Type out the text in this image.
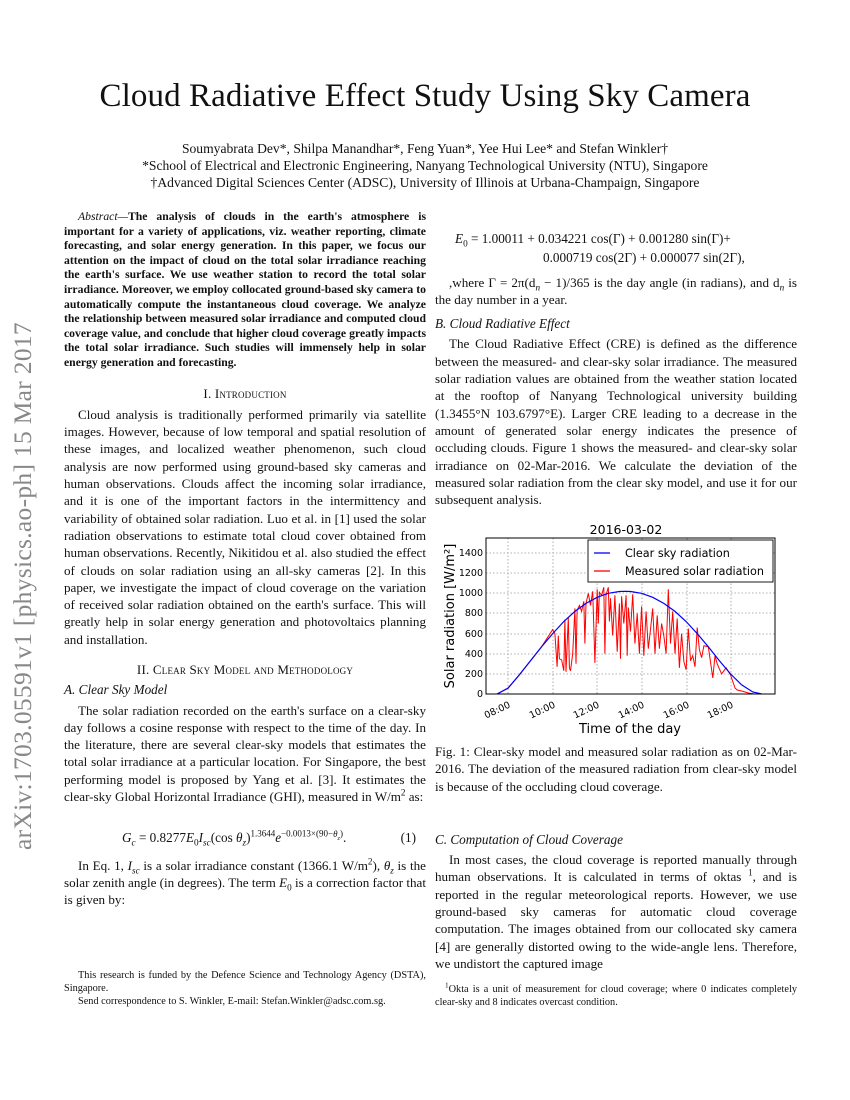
Cloud Radiative Effect Study Using Sky Camera
Soumyabrata Dev*, Shilpa Manandhar*, Feng Yuan*, Yee Hui Lee* and Stefan Winkler†
*School of Electrical and Electronic Engineering, Nanyang Technological University (NTU), Singapore
†Advanced Digital Sciences Center (ADSC), University of Illinois at Urbana-Champaign, Singapore
arXiv:1703.05591v1 [physics.ao-ph] 15 Mar 2017

Abstract—The analysis of clouds in the earth's atmosphere is important for a variety of applications, viz. weather reporting, climate forecasting, and solar energy generation. In this paper, we focus our attention on the impact of cloud on the total solar irradiance reaching the earth's surface. We use weather station to record the total solar irradiance. Moreover, we employ collocated ground-based sky camera to automatically compute the instantaneous cloud coverage. We analyze the relationship between measured solar irradiance and computed cloud coverage value, and conclude that higher cloud coverage greatly impacts the total solar irradiance. Such studies will immensely help in solar energy generation and forecasting.

I. Introduction

Cloud analysis is traditionally performed primarily via satellite images. However, because of low temporal and spatial resolution of these images, and localized weather phenomenon, such cloud analysis are now performed using ground-based sky cameras and human observations. Clouds affect the incoming solar irradiance, and it is one of the important factors in the intermittency and variability of obtained solar radiation. Luo et al. in [1] used the solar radiation observations to estimate total cloud cover obtained from human observations. Recently, Nikitidou et al. also studied the effect of clouds on solar radiation using an all-sky cameras [2]. In this paper, we investigate the impact of cloud coverage on the variation of received solar radiation obtained on the earth's surface. This will greatly help in solar energy generation and photovoltaics planning and installation.

II. Clear Sky Model and Methodology
A. Clear Sky Model

The solar radiation recorded on the earth's surface on a clear-sky day follows a cosine response with respect to the time of the day. In the literature, there are several clear-sky models that estimates the total solar irradiance at a particular location. For Singapore, the best performing model is proposed by Yang et al. [3]. It estimates the clear-sky Global Horizontal Irradiance (GHI), measured in $W/m^2$ as:

$G_c = 0.8277E_0I_{sc}(\cos$ $\theta_z)^{1.3644}e^{-0.0013\times(90-\theta_z)}$.	(1)

In Eq. 1, $I_{sc}$ is a solar irradiance constant (1366.1 $W/m^2$), $\theta_z$ is the solar zenith angle (in degrees). The term $E_0$ is a correction factor that is given by:

This research is funded by the Defence Science and Technology Agency (DSTA), Singapore.

Send correspondence to S. Winkler, E-mail: Stefan.Winkler@adsc.com.sg.

$E_0 = 1.00011 + 0.034221$ cos(Γ) + 0.001280 sin(Γ)+
0.000719 cos(2Γ) + 0.000077 sin(2Γ),

,where $\Gamma = 2\pi(d_n - 1)/365$ is the day angle (in radians), and $d_n$ is the day number in a year.

B. Cloud Radiative Effect

The Cloud Radiative Effect (CRE) is defined as the difference between the measured- and clear-sky solar irradiance. The measured solar radiation values are obtained from the weather station located at the rooftop of Nanyang Technological university building (1.3455°N 103.6797°E). Larger CRE leading to a decrease in the amount of generated solar energy indicates the presence of occluding clouds. Figure 1 shows the measured- and clear-sky solar irradiance on 02-Mar-2016. We calculate the deviation of the measured solar radiation from the clear sky model, and use it for our subsequent analysis.

2016-03-02
0
200
400
600
800
1000
1200
1400
08:00 10:00 12:00 14:00 16:00 18:00
Time of the day
Solar radiation [W/m²]	Clear sky radiation
Measured solar radiation

Fig. 1: Clear-sky model and measured solar radiation as on 02-Mar-2016. The deviation of the measured radiation from clear-sky model is because of the occluding cloud coverage.

C. Computation of Cloud Coverage

In most cases, the cloud coverage is reported manually through human observations. It is calculated in terms of oktas $^1$, and is reported in the regular meteorological reports. However, we use ground-based sky cameras for automatic cloud coverage computation. The images obtained from our collocated sky camera [4] are generally distorted owing to the wide-angle lens. Therefore, we undistort the captured image

$^1$Okta is a unit of measurement for cloud coverage; where 0 indicates completely clear-sky and 8 indicates overcast condition.
